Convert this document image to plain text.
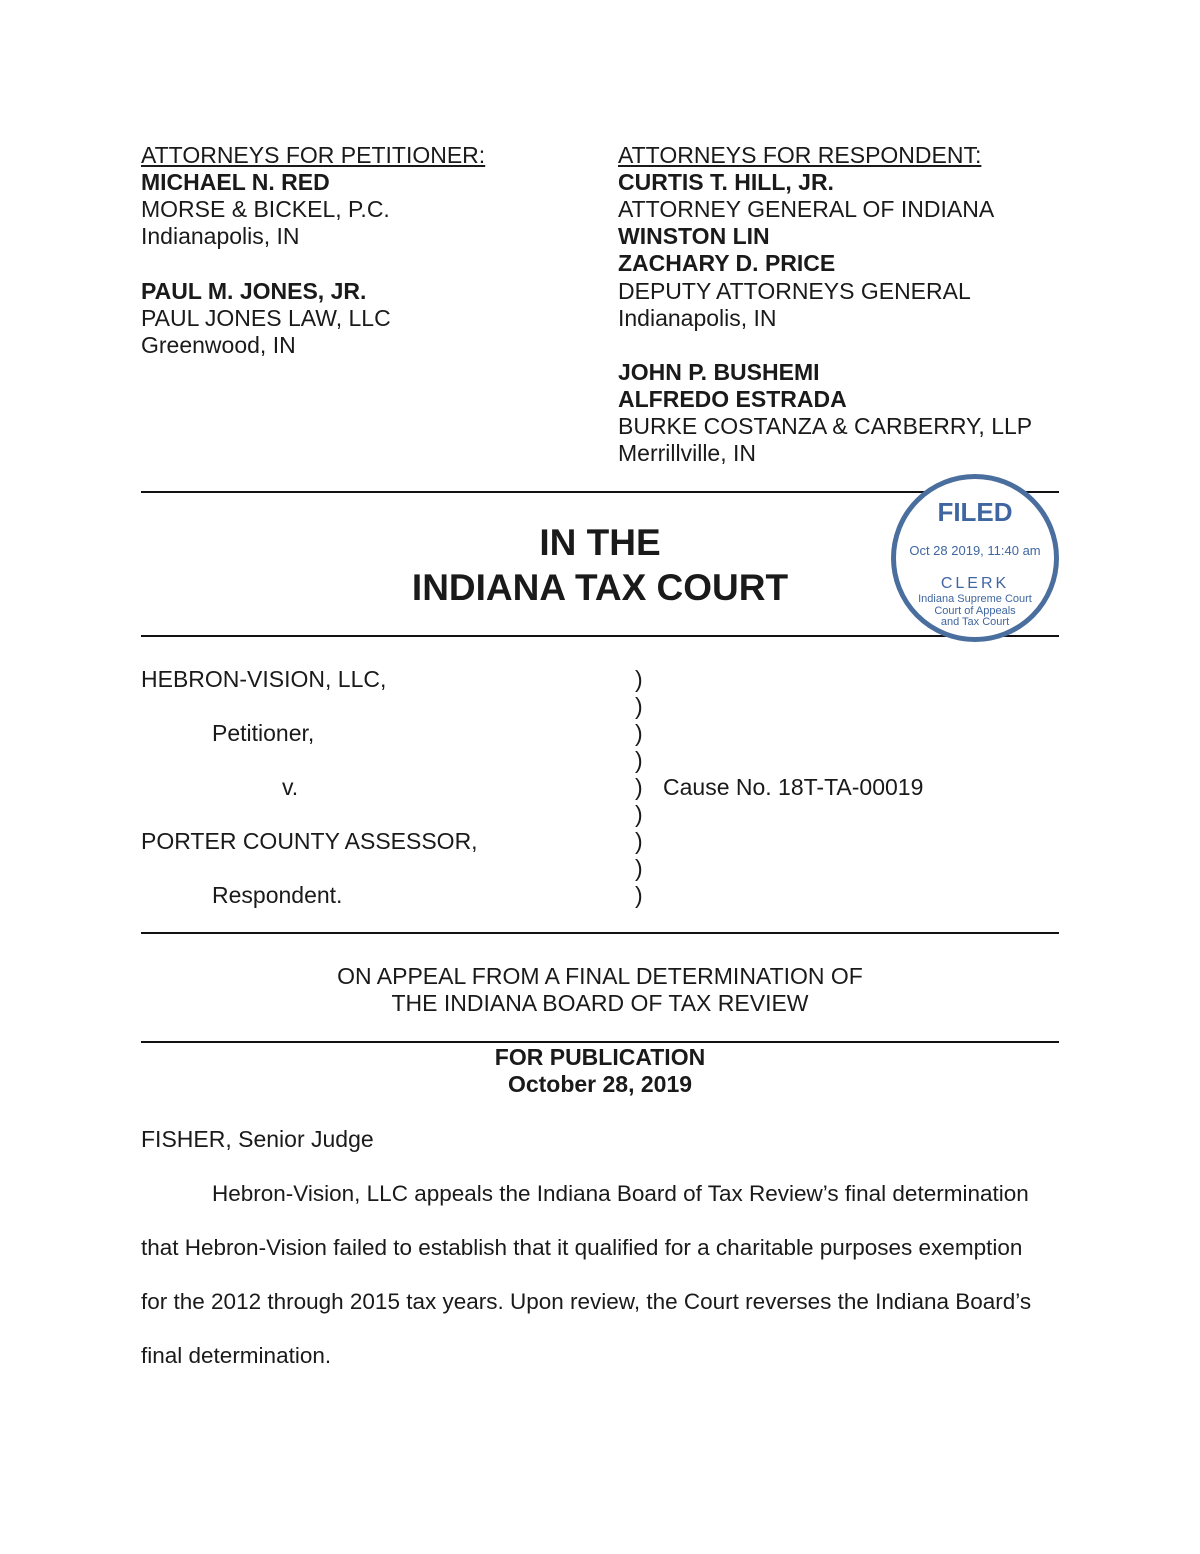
ATTORNEYS FOR PETITIONER:
MICHAEL N. RED
MORSE & BICKEL, P.C.
Indianapolis, IN
PAUL M. JONES, JR.
PAUL JONES LAW, LLC
Greenwood, IN
ATTORNEYS FOR RESPONDENT:
CURTIS T. HILL, JR.
ATTORNEY GENERAL OF INDIANA
WINSTON LIN
ZACHARY D. PRICE
DEPUTY ATTORNEYS GENERAL
Indianapolis, IN
JOHN P. BUSHEMI
ALFREDO ESTRADA
BURKE COSTANZA & CARBERRY, LLP
Merrillville, IN
IN THE
INDIANA TAX COURT
FILED
Oct 28 2019, 11:40 am
CLERK
Indiana Supreme Court
Court of Appeals
and Tax Court
HEBRON-VISION, LLC,
Petitioner,
v.
PORTER COUNTY ASSESSOR,
Respondent.
)
)
)
)
)
)
)
)
)
Cause No. 18T-TA-00019
ON APPEAL FROM A FINAL DETERMINATION OF
THE INDIANA BOARD OF TAX REVIEW
FOR PUBLICATION
October 28, 2019
FISHER, Senior Judge
Hebron-Vision, LLC appeals the Indiana Board of Tax Review’s final determination
that Hebron-Vision failed to establish that it qualified for a charitable purposes exemption
for the 2012 through 2015 tax years. Upon review, the Court reverses the Indiana Board’s
final determination.
